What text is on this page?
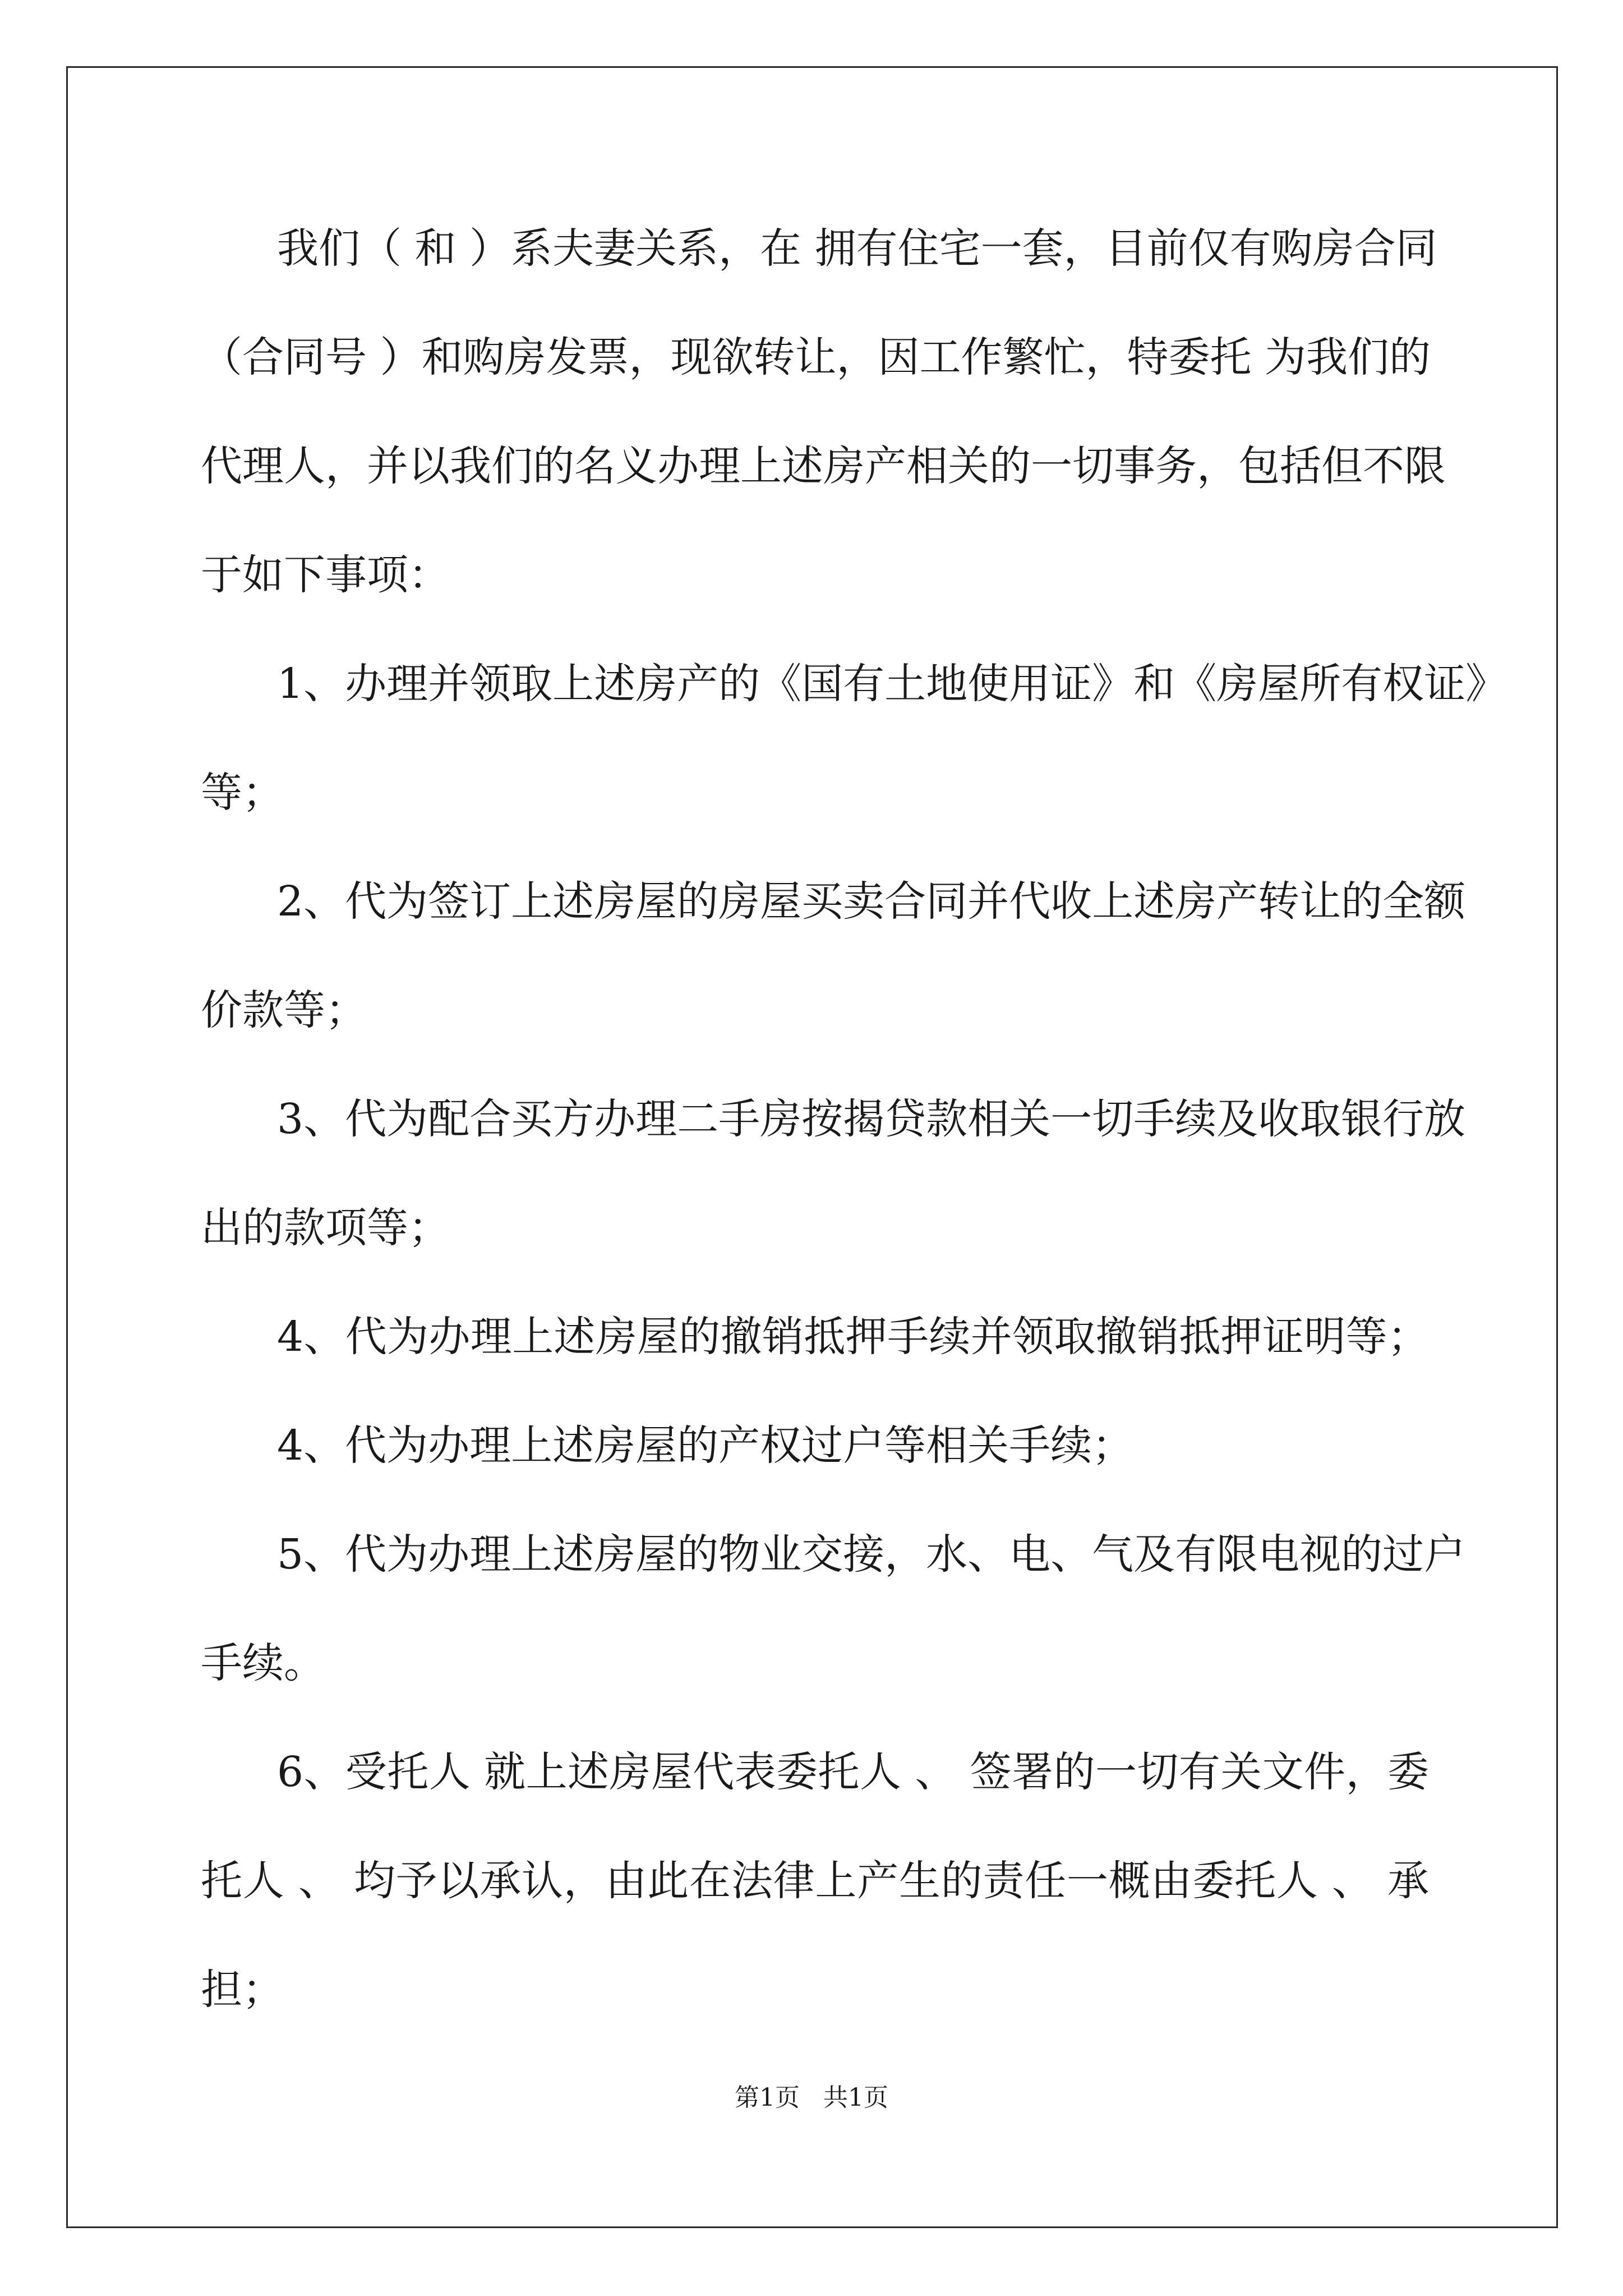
我们（ 和 ）系夫妻关系，在 拥有住宅一套，目前仅有购房合同
（合同号 ）和购房发票，现欲转让，因工作繁忙，特委托 为我们的
代理人，并以我们的名义办理上述房产相关的一切事务，包括但不限
于如下事项：
1、办理并领取上述房产的《国有土地使用证》和《房屋所有权证》
等；
2、代为签订上述房屋的房屋买卖合同并代收上述房产转让的全额
价款等；
3、代为配合买方办理二手房按揭贷款相关一切手续及收取银行放
出的款项等；
4、代为办理上述房屋的撤销抵押手续并领取撤销抵押证明等；
4、代为办理上述房屋的产权过户等相关手续；
5、代为办理上述房屋的物业交接，水、电、气及有限电视的过户
手续。
6、受托人 就上述房屋代表委托人 、 签署的一切有关文件，委
托人 、 均予以承认，由此在法律上产生的责任一概由委托人 、 承
担；
第1页 共1页
